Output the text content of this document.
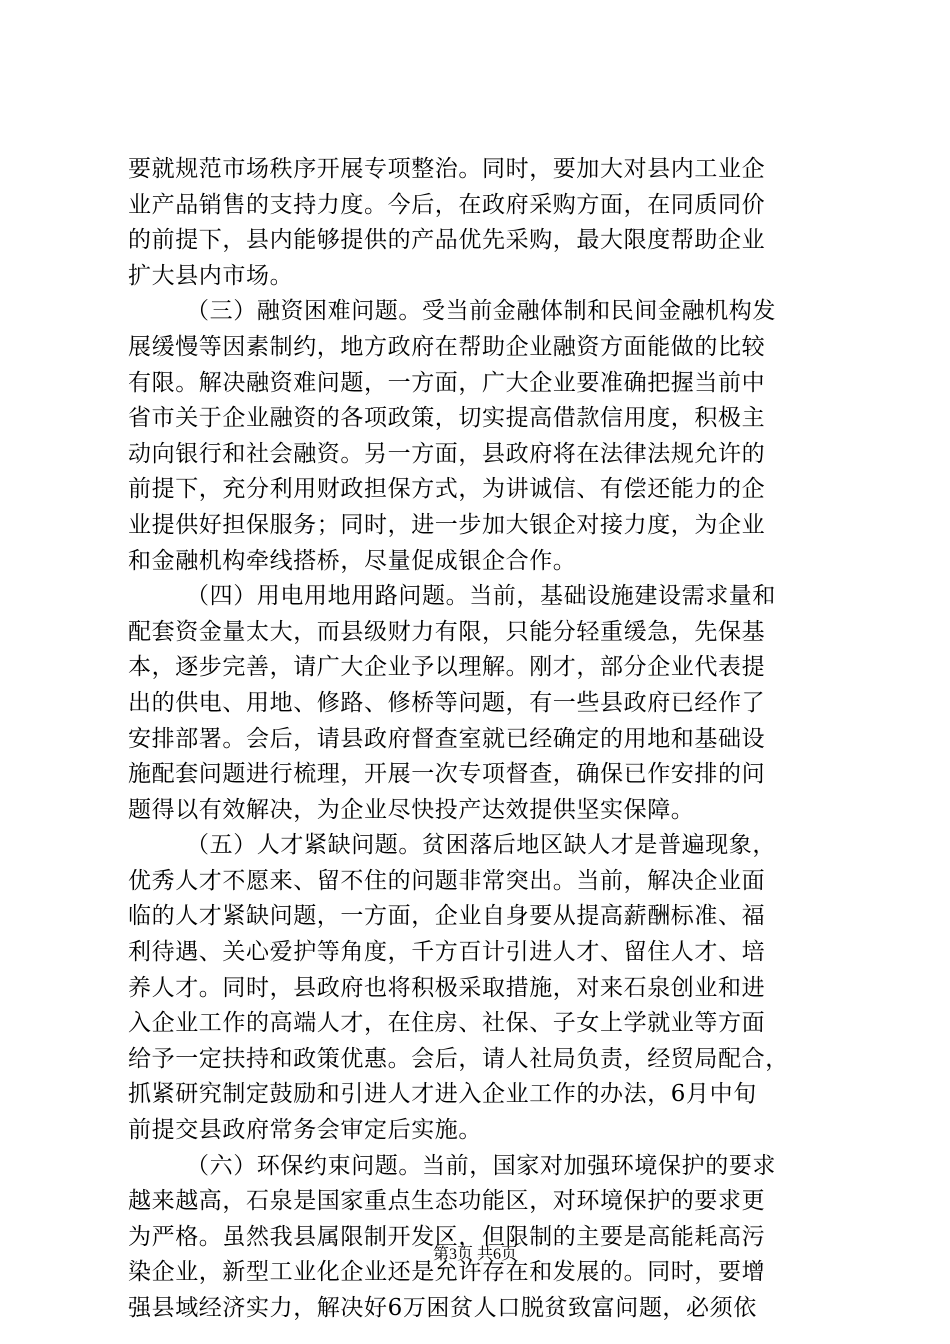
要就规范市场秩序开展专项整治。同时，要加大对县内工业企
业产品销售的支持力度。今后，在政府采购方面，在同质同价
的前提下，县内能够提供的产品优先采购，最大限度帮助企业
扩大县内市场。
（三）融资困难问题。受当前金融体制和民间金融机构发
展缓慢等因素制约，地方政府在帮助企业融资方面能做的比较
有限。解决融资难问题，一方面，广大企业要准确把握当前中
省市关于企业融资的各项政策，切实提高借款信用度，积极主
动向银行和社会融资。另一方面，县政府将在法律法规允许的
前提下，充分利用财政担保方式，为讲诚信、有偿还能力的企
业提供好担保服务；同时，进一步加大银企对接力度，为企业
和金融机构牵线搭桥，尽量促成银企合作。
（四）用电用地用路问题。当前，基础设施建设需求量和
配套资金量太大，而县级财力有限，只能分轻重缓急，先保基
本，逐步完善，请广大企业予以理解。刚才，部分企业代表提
出的供电、用地、修路、修桥等问题，有一些县政府已经作了
安排部署。会后，请县政府督查室就已经确定的用地和基础设
施配套问题进行梳理，开展一次专项督查，确保已作安排的问
题得以有效解决，为企业尽快投产达效提供坚实保障。
（五）人才紧缺问题。贫困落后地区缺人才是普遍现象，
优秀人才不愿来、留不住的问题非常突出。当前，解决企业面
临的人才紧缺问题，一方面，企业自身要从提高薪酬标准、福
利待遇、关心爱护等角度，千方百计引进人才、留住人才、培
养人才。同时，县政府也将积极采取措施，对来石泉创业和进
入企业工作的高端人才，在住房、社保、子女上学就业等方面
给予一定扶持和政策优惠。会后，请人社局负责，经贸局配合，
抓紧研究制定鼓励和引进人才进入企业工作的办法，6月中旬
前提交县政府常务会审定后实施。
（六）环保约束问题。当前，国家对加强环境保护的要求
越来越高，石泉是国家重点生态功能区，对环境保护的要求更
为严格。虽然我县属限制开发区，但限制的主要是高能耗高污
染企业，新型工业化企业还是允许存在和发展的。同时，要增
强县域经济实力，解决好6万困贫人口脱贫致富问题，必须依
第3页 共6页
